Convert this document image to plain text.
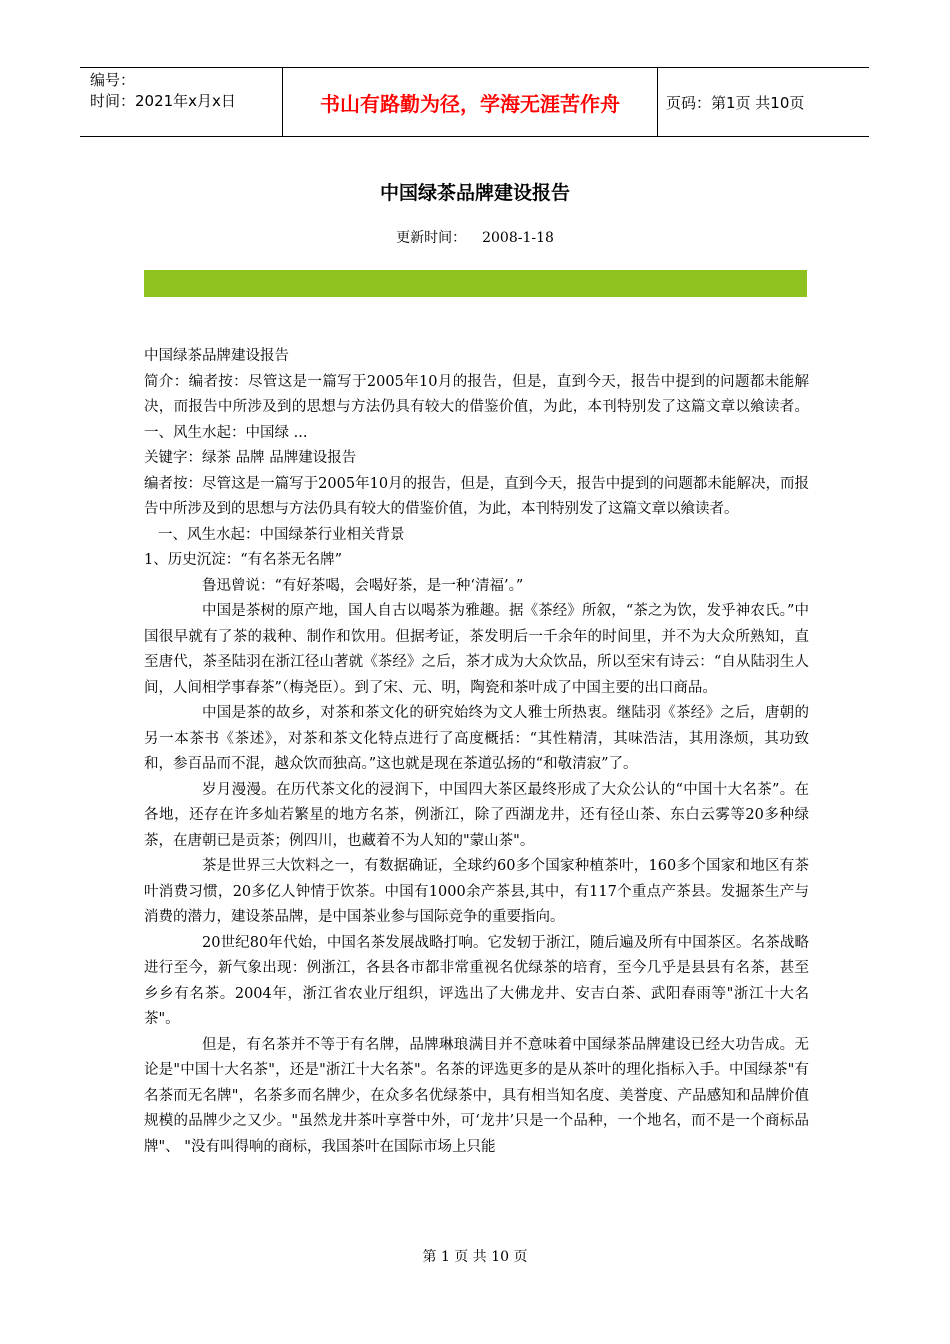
编号：
时间：2021年x月x日	书山有路勤为径，学海无涯苦作舟	页码：第1页 共10页
中国绿茶品牌建设报告
更新时间： 2008-1-18

中国绿茶品牌建设报告

简介：编者按：尽管这是一篇写于2005年10月的报告，但是，直到今天，报告中提到的问题都未能解决，而报告中所涉及到的思想与方法仍具有较大的借鉴价值，为此，本刊特别发了这篇文章以飨读者。 一、风生水起：中国绿 ...

关键字：绿茶 品牌 品牌建设报告

编者按：尽管这是一篇写于2005年10月的报告，但是，直到今天，报告中提到的问题都未能解决，而报告中所涉及到的思想与方法仍具有较大的借鉴价值，为此，本刊特别发了这篇文章以飨读者。

一、风生水起：中国绿茶行业相关背景

1、历史沉淀：“有名茶无名牌”

鲁迅曾说：“有好茶喝，会喝好茶，是一种‘清福’。”

中国是茶树的原产地，国人自古以喝茶为雅趣。据《茶经》所叙，“茶之为饮，发乎神农氏。”中国很早就有了茶的栽种、制作和饮用。但据考证，茶发明后一千余年的时间里，并不为大众所熟知，直至唐代，茶圣陆羽在浙江径山著就《茶经》之后，茶才成为大众饮品，所以至宋有诗云：“自从陆羽生人间，人间相学事春茶”（梅尧臣）。到了宋、元、明，陶瓷和茶叶成了中国主要的出口商品。

中国是茶的故乡，对茶和茶文化的研究始终为文人雅士所热衷。继陆羽《茶经》之后，唐朝的另一本茶书《茶述》，对茶和茶文化特点进行了高度概括：“其性精清，其味浩洁，其用涤烦，其功致和，参百品而不混，越众饮而独高。”这也就是现在茶道弘扬的“和敬清寂”了。

岁月漫漫。在历代茶文化的浸润下，中国四大茶区最终形成了大众公认的“中国十大名茶”。在各地，还存在许多灿若繁星的地方名茶，例浙江，除了西湖龙井，还有径山茶、东白云雾等20多种绿茶，在唐朝已是贡茶；例四川，也藏着不为人知的"蒙山茶"。

茶是世界三大饮料之一，有数据确证，全球约60多个国家种植茶叶，160多个国家和地区有茶叶消费习惯，20多亿人钟情于饮茶。中国有1000余产茶县,其中，有117个重点产茶县。发掘茶生产与消费的潜力，建设茶品牌，是中国茶业参与国际竞争的重要指向。

20世纪80年代始，中国名茶发展战略打响。它发轫于浙江，随后遍及所有中国茶区。名茶战略进行至今，新气象出现：例浙江，各县各市都非常重视名优绿茶的培育，至今几乎是县县有名茶，甚至乡乡有名茶。2004年，浙江省农业厅组织，评选出了大佛龙井、安吉白茶、武阳春雨等"浙江十大名茶"。

但是，有名茶并不等于有名牌，品牌琳琅满目并不意味着中国绿茶品牌建设已经大功告成。无论是"中国十大名茶"，还是"浙江十大名茶"。名茶的评选更多的是从茶叶的理化指标入手。中国绿茶"有名茶而无名牌"，名茶多而名牌少，在众多名优绿茶中，具有相当知名度、美誉度、产品感知和品牌价值规模的品牌少之又少。"虽然龙井茶叶享誉中外，可‘龙井’只是一个品种，一个地名，而不是一个商标品牌"、 "没有叫得响的商标，我国茶叶在国际市场上只能

第 1 页 共 10 页
